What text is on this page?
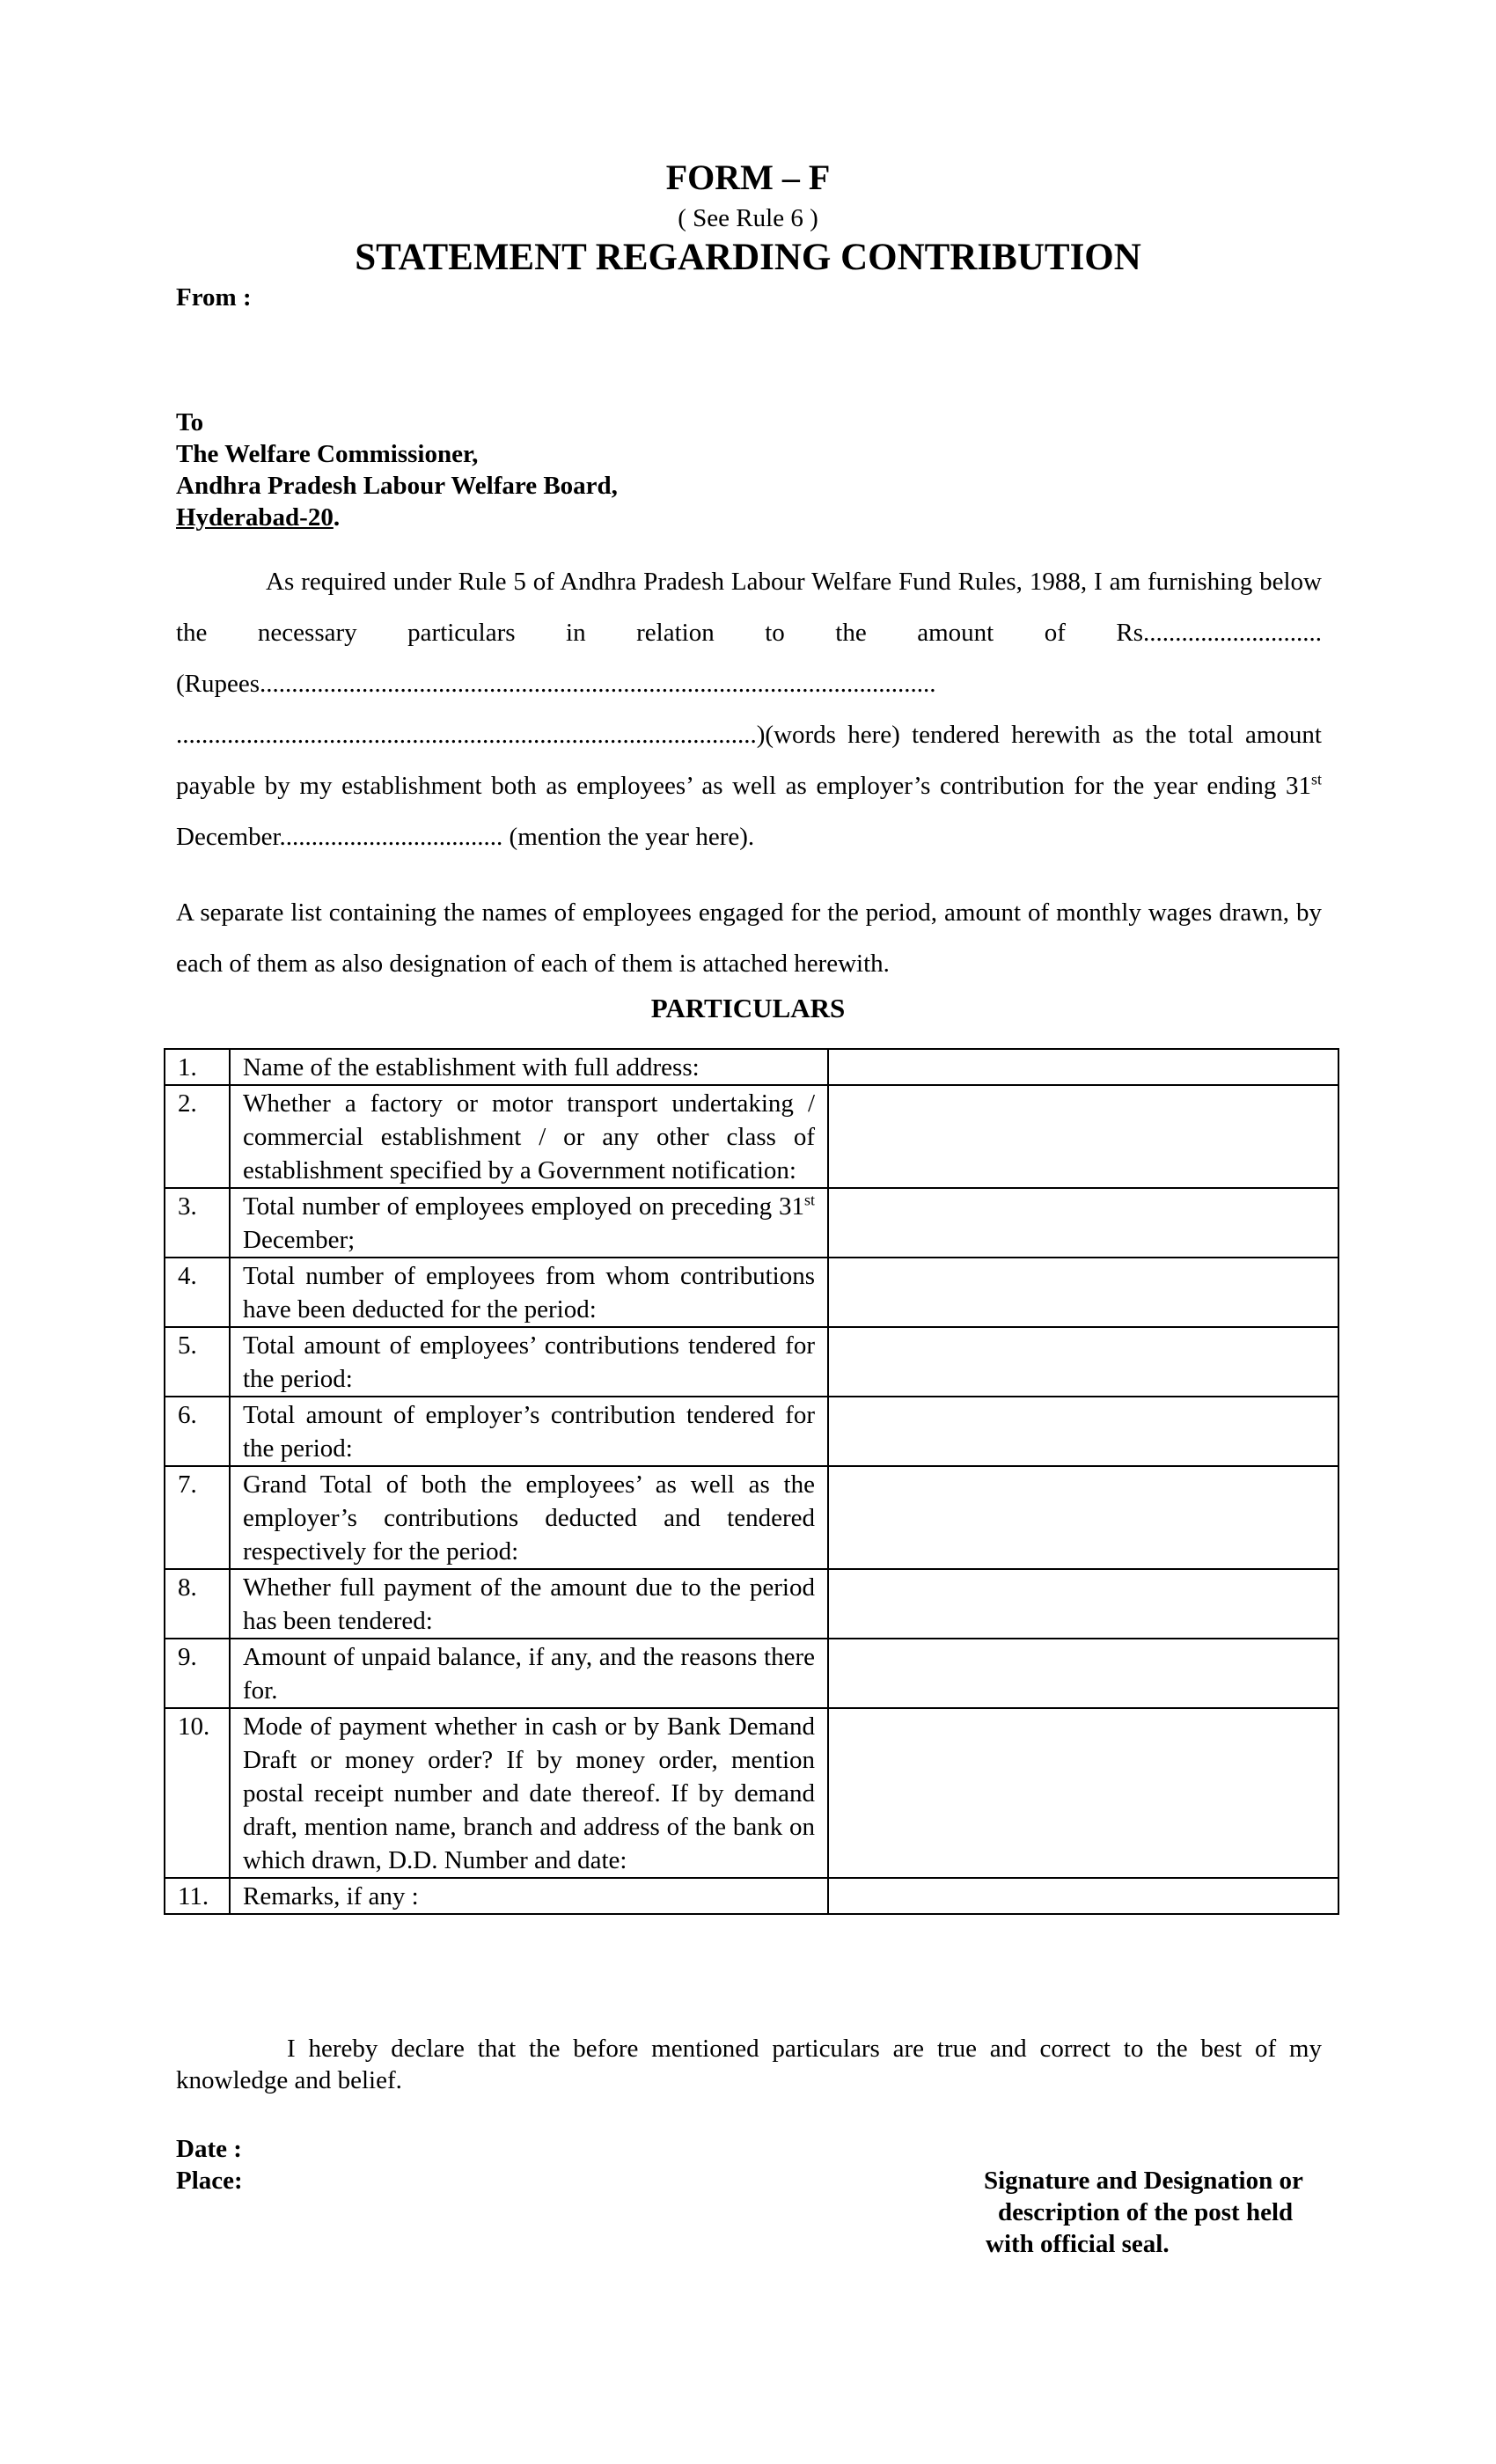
FORM – F
( See Rule 6 )
STATEMENT REGARDING CONTRIBUTION
From :
To
The Welfare Commissioner,
Andhra Pradesh Labour Welfare Board,
Hyderabad-20.

As required under Rule 5 of Andhra Pradesh Labour Welfare Fund Rules, 1988, I am furnishing below the necessary particulars in relation to the amount of Rs............................(Rupees.......................................................................................................... ...........................................................................................)(words here) tendered herewith as the total amount payable by my establishment both as employees’ as well as employer’s contribution for the year ending 31st December................................... (mention the year here).

A separate list containing the names of employees engaged for the period, amount of monthly wages drawn, by each of them as also designation of each of them is attached herewith.

PARTICULARS
1.	Name of the establishment with full address:	
2.	Whether a factory or motor transport undertaking / commercial establishment / or any other class of establishment specified by a Government notification:	
3.	Total number of employees employed on preceding 31st December;	
4.	Total number of employees from whom contributions have been deducted for the period:	
5.	Total amount of employees’ contributions tendered for the period:	
6.	Total amount of employer’s contribution tendered for the period:	
7.	Grand Total of both the employees’ as well as the employer’s contributions deducted and tendered respectively for the period:	
8.	Whether full payment of the amount due to the period has been tendered:	
9.	Amount of unpaid balance, if any, and the reasons there for.	
10.	Mode of payment whether in cash or by Bank Demand Draft or money order? If by money order, mention postal receipt number and date thereof. If by demand draft, mention name, branch and address of the bank on which drawn, D.D. Number and date:	
11.	Remarks, if any :	
I hereby declare that the before mentioned particulars are true and correct to the best of my knowledge and belief.
Date :
Place:	Signature and Designation or
description of the post held
with official seal.
